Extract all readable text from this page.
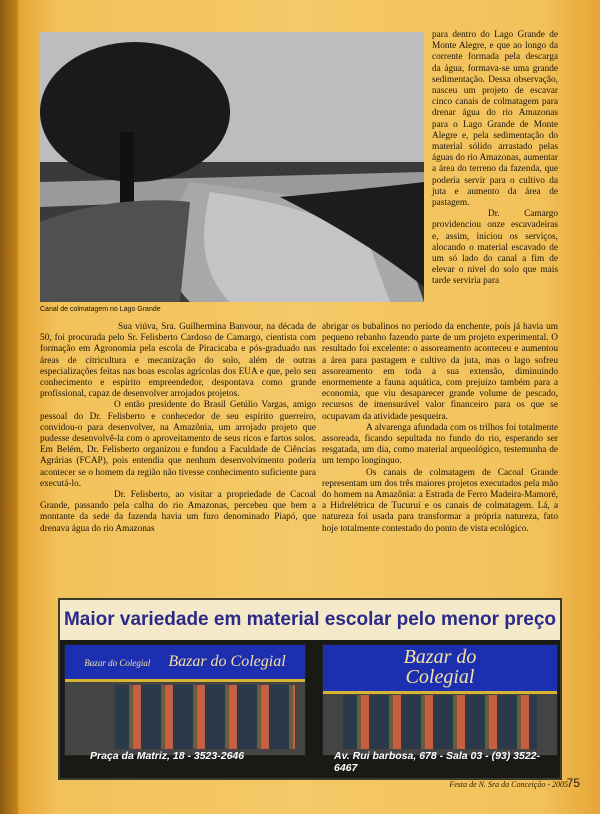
Canal de colmatagem no Lago Grande

para dentro do Lago Grande de Monte Alegre, e que ao longo da corrente formada pela descarga da água, formava-se uma grande sedimentação. Dessa observação, nasceu um projeto de escavar cinco canais de colmatagem para drenar água do rio Amazonas para o Lago Grande de Monte Alegre e, pela sedimentação do material sólido arrastado pelas águas do rio Amazonas, aumentar a área do terreno da fazenda, que poderia servir para o cultivo da juta e aumento da área de pastagem.

Dr. Camargo providenciou onze escavadeiras e, assim, iniciou os serviços, alocando o material escavado de um só lado do canal a fim de elevar o nível do solo que mais tarde serviria para

Sua viúva, Sra. Guilhermina Banvour, na década de 50, foi procurada pelo Sr. Felisberto Cardoso de Camargo, cientista com formação em Agronomia pela escola de Piracicaba e pós-graduado nas áreas de citricultura e mecanização do solo, além de outras especializações feitas nas boas escolas agrícolas dos EUA e que, pelo seu conhecimento e espírito empreendedor, despontava como grande profissional, capaz de desenvolver arrojados projetos.

O então presidente do Brasil Getúlio Vargas, amigo pessoal do Dr. Felisberto e conhecedor de seu espírito guerreiro, convidou-o para desenvolver, na Amazônia, um arrojado projeto que pudesse desenvolvê-la com o aproveitamento de seus ricos e fartos solos. Em Belém, Dr. Felisberto organizou e fundou a Faculdade de Ciências Agrárias (FCAP), pois entendia que nenhum desenvolvimento poderia acontecer se o homem da região não tivesse conhecimento suficiente para executá-lo.

Dr. Felisberto, ao visitar a propriedade de Cacoal Grande, passando pela calha do rio Amazonas, percebeu que bem a montante da sede da fazenda havia um furo denominado Piapó, que drenava água do rio Amazonas

abrigar os bubalinos no período da enchente, pois já havia um pequeno rebanho fazendo parte de um projeto experimental. O resultado foi excelente: o assoreamento aconteceu e aumentou a área para pastagem e cultivo da juta, mas o lago sofreu assoreamento em toda a sua extensão, diminuindo enormemente a fauna aquática, com prejuízo também para a economia, que viu desaparecer grande volume de pescado, recursos de imensurável valor financeiro para os que se ocupavam da atividade pesqueira.

A alvarenga afundada com os trilhos foi totalmente assoreada, ficando sepultada no fundo do rio, esperando ser resgatada, um dia, como material arqueológico, testemunha de um tempo longínquo.

Os canais de colmatagem de Cacoal Grande representam um dos três maiores projetos executados pela mão do homem na Amazônia: a Estrada de Ferro Madeira-Mamoré, a Hidrelétrica de Tucuruí e os canais de colmatagem. Lá, a natureza foi usada para transformar a própria natureza, fato hoje totalmente contestado do ponto de vista ecológico.

Maior variedade em material escolar pelo menor preço
Bazar do Colegial Bazar do Colegial	Bazar do
Colegial
Praça da Matriz, 18 - 3523-2646	Av. Rui barbosa, 678 - Sala 03 - (93) 3522-6467
Festa de N. Sra da Conceição - 2005
75
